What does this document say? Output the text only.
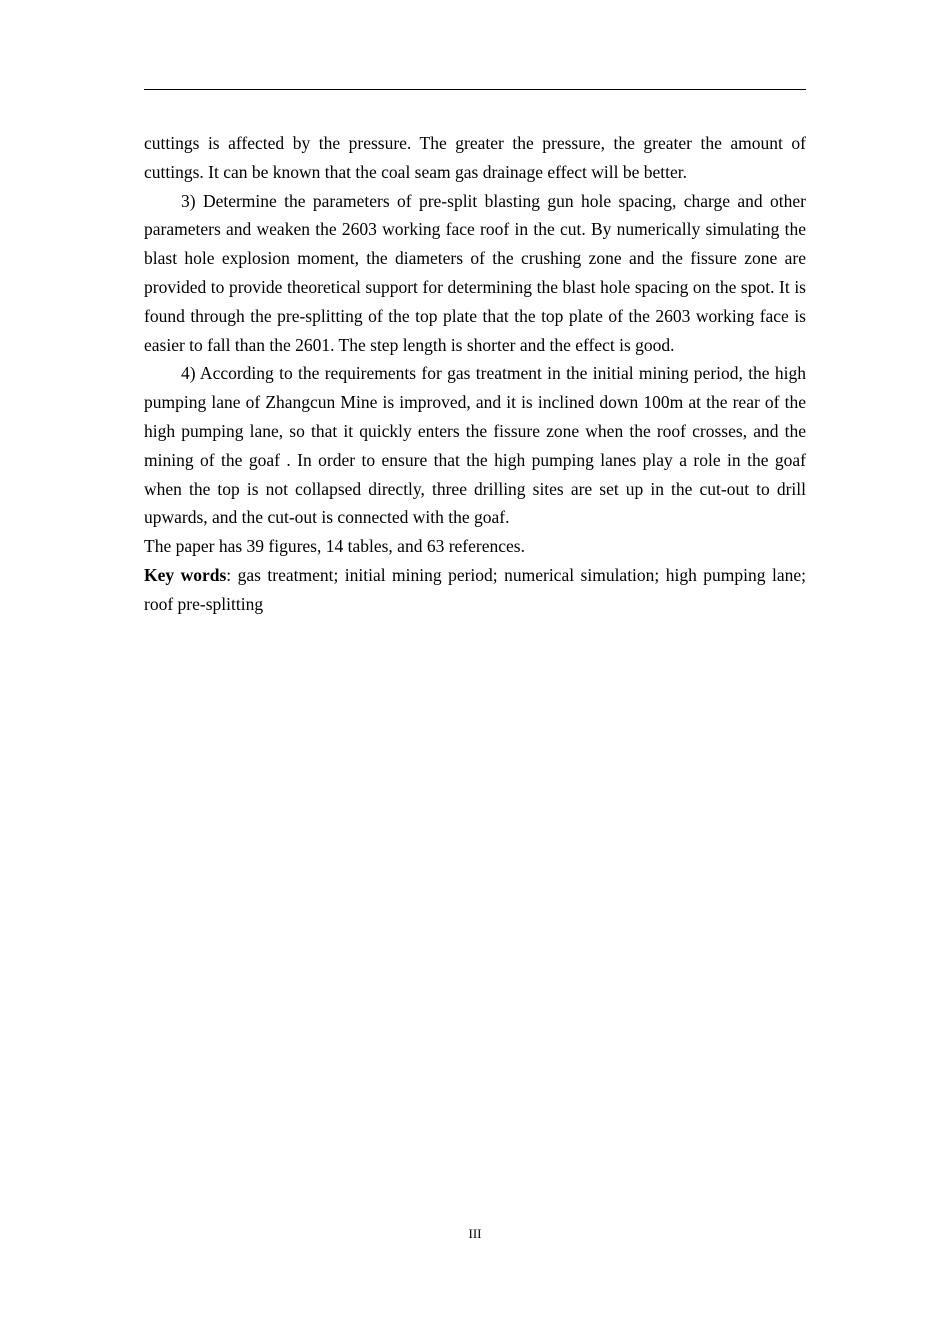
cuttings is affected by the pressure. The greater the pressure, the greater the amount of cuttings. It can be known that the coal seam gas drainage effect will be better.

3) Determine the parameters of pre-split blasting gun hole spacing, charge and other parameters and weaken the 2603 working face roof in the cut. By numerically simulating the blast hole explosion moment, the diameters of the crushing zone and the fissure zone are provided to provide theoretical support for determining the blast hole spacing on the spot. It is found through the pre-splitting of the top plate that the top plate of the 2603 working face is easier to fall than the 2601. The step length is shorter and the effect is good.

4) According to the requirements for gas treatment in the initial mining period, the high pumping lane of Zhangcun Mine is improved, and it is inclined down 100m at the rear of the high pumping lane, so that it quickly enters the fissure zone when the roof crosses, and the mining of the goaf . In order to ensure that the high pumping lanes play a role in the goaf when the top is not collapsed directly, three drilling sites are set up in the cut-out to drill upwards, and the cut-out is connected with the goaf.

The paper has 39 figures, 14 tables, and 63 references.

Key words: gas treatment; initial mining period; numerical simulation; high pumping lane; roof pre-splitting

III
